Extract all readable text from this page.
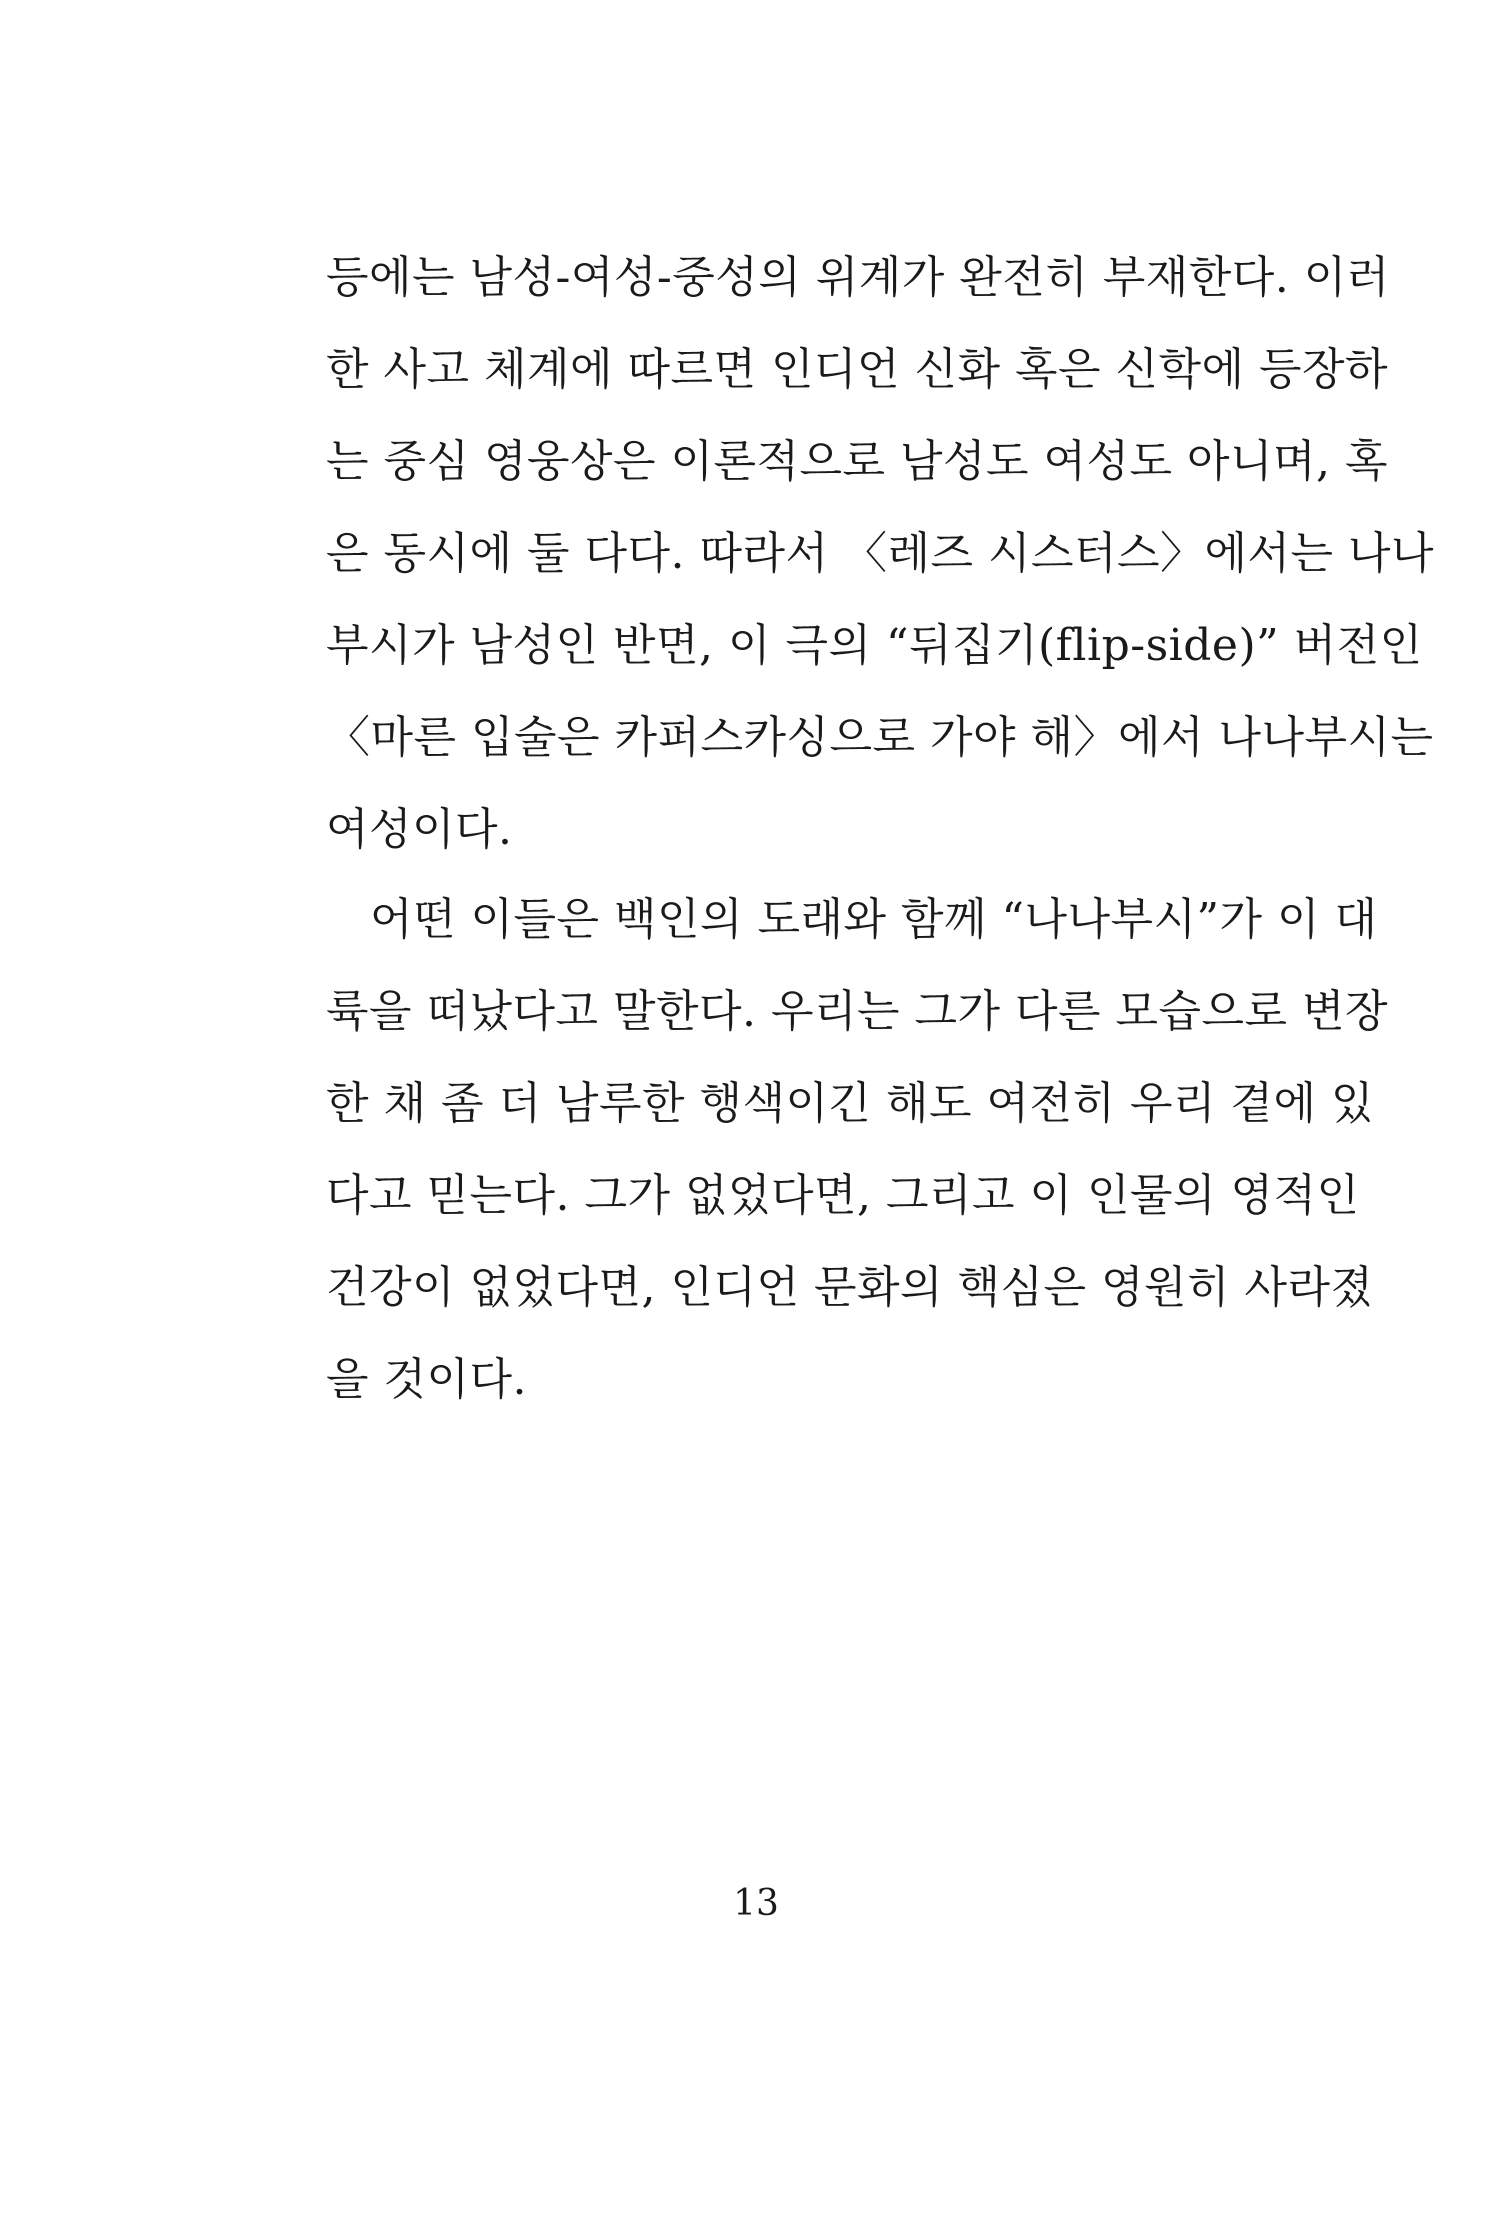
등에는 남성-여성-중성의 위계가 완전히 부재한다. 이러
한 사고 체계에 따르면 인디언 신화 혹은 신학에 등장하
는 중심 영웅상은 이론적으로 남성도 여성도 아니며, 혹
은 동시에 둘 다다. 따라서 〈레즈 시스터스〉에서는 나나
부시가 남성인 반면, 이 극의 “뒤집기(flip-side)” 버전인
〈마른 입술은 카퍼스카싱으로 가야 해〉에서 나나부시는
여성이다.
어떤 이들은 백인의 도래와 함께 “나나부시”가 이 대
륙을 떠났다고 말한다. 우리는 그가 다른 모습으로 변장
한 채 좀 더 남루한 행색이긴 해도 여전히 우리 곁에 있
다고 믿는다. 그가 없었다면, 그리고 이 인물의 영적인
건강이 없었다면, 인디언 문화의 핵심은 영원히 사라졌
을 것이다.
13
